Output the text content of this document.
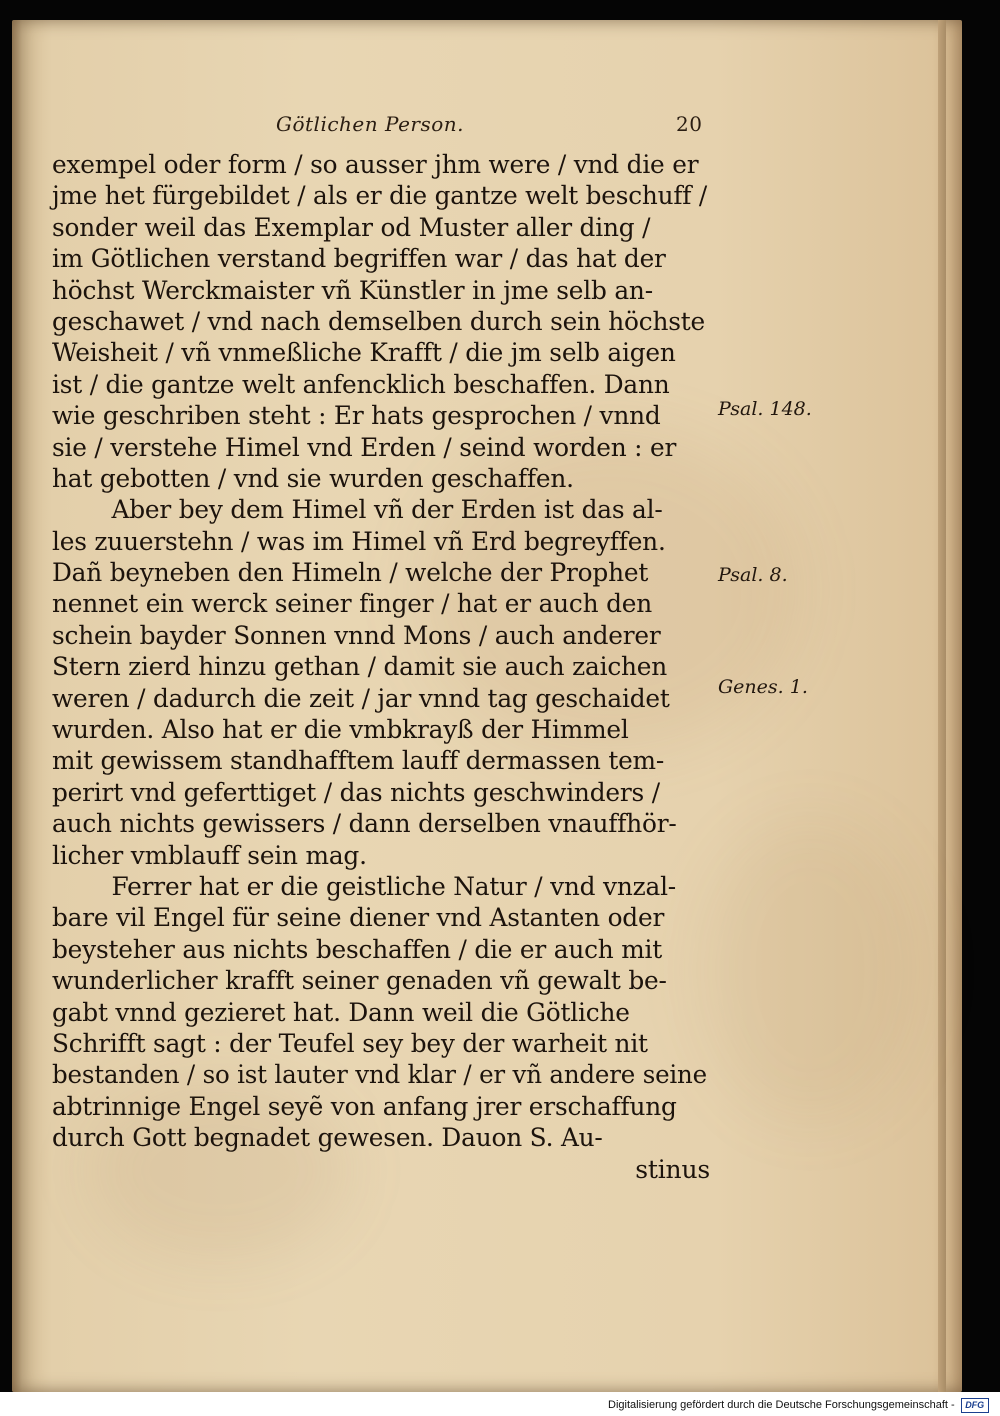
Götlichen Person.	20
exempel oder form / so ausser jhm were / vnd die er
jme het fürgebildet / als er die gantze welt beschuff /
sonder weil das Exemplar od Muster aller ding /
im Götlichen verstand begriffen war / das hat der
höchst Werckmaister vñ Künstler in jme selb an-
geschawet / vnd nach demselben durch sein höchste
Weisheit / vñ vnmeßliche Krafft / die jm selb aigen
ist / die gantze welt anfencklich beschaffen. Dann
wie geschriben steht : Er hats gesprochen / vnnd
sie / verstehe Himel vnd Erden / seind worden : er
hat gebotten / vnd sie wurden geschaffen.
Aber bey dem Himel vñ der Erden ist das al-
les zuuerstehn / was im Himel vñ Erd begreyffen.
Dañ beyneben den Himeln / welche der Prophet
nennet ein werck seiner finger / hat er auch den
schein bayder Sonnen vnnd Mons / auch anderer
Stern zierd hinzu gethan / damit sie auch zaichen
weren / dadurch die zeit / jar vnnd tag geschaidet
wurden. Also hat er die vmbkrayß der Himmel
mit gewissem standhafftem lauff dermassen tem-
perirt vnd geferttiget / das nichts geschwinders /
auch nichts gewissers / dann derselben vnauffhör-
licher vmblauff sein mag.
Ferrer hat er die geistliche Natur / vnd vnzal-
bare vil Engel für seine diener vnd Astanten oder
beysteher aus nichts beschaffen / die er auch mit
wunderlicher krafft seiner genaden vñ gewalt be-
gabt vnnd gezieret hat. Dann weil die Götliche
Schrifft sagt : der Teufel sey bey der warheit nit
bestanden / so ist lauter vnd klar / er vñ andere seine
abtrinnige Engel seyẽ von anfang jrer erschaffung
durch Gott begnadet gewesen. Dauon S. Au-
stinus
Psal. 148.
Psal. 8.
Genes. 1.
Digitalisierung gefördert durch die Deutsche Forschungsgemeinschaft -	DFG
